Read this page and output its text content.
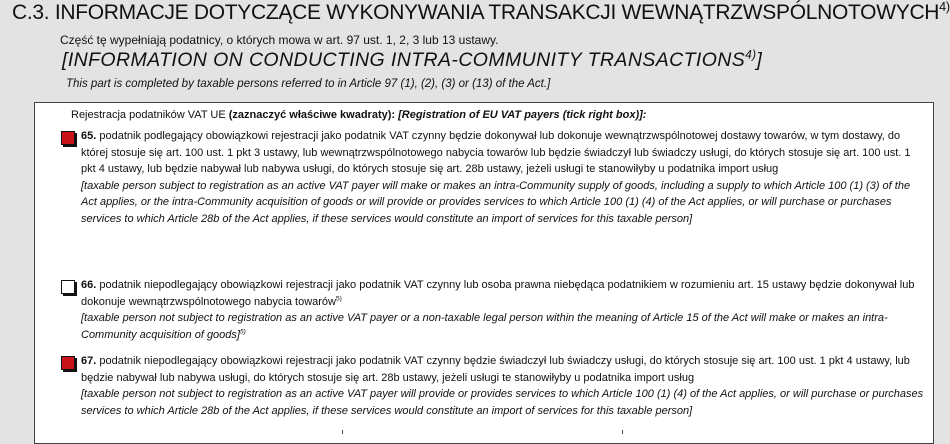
C.3. INFORMACJE DOTYCZĄCE WYKONYWANIA TRANSAKCJI WEWNĄTRZWSPÓLNOTOWYCH$^{4)}$
Część tę wypełniają podatnicy, o których mowa w art. 97 ust. 1, 2, 3 lub 13 ustawy.
[INFORMATION ON CONDUCTING INTRA-COMMUNITY TRANSACTIONS$^{4)}$]
This part is completed by taxable persons referred to in Article 97 (1), (2), (3) or (13) of the Act.]
Rejestracja podatników VAT UE (zaznaczyć właściwe kwadraty): [Registration of EU VAT payers (tick right box)]:
65. podatnik podlegający obowiązkowi rejestracji jako podatnik VAT czynny będzie dokonywał lub dokonuje wewnątrzwspólnotowej dostawy towarów, w tym dostawy, do której stosuje się art. 100 ust. 1 pkt 3 ustawy, lub wewnątrzwspólnotowego nabycia towarów lub będzie świadczył lub świadczy usługi, do których stosuje się art. 100 ust. 1 pkt 4 ustawy, lub będzie nabywał lub nabywa usługi, do których stosuje się art. 28b ustawy, jeżeli usługi te stanowiłyby u podatnika import usług
[taxable person subject to registration as an active VAT payer will make or makes an intra-Community supply of goods, including a supply to which Article 100 (1) (3) of the Act applies, or the intra-Community acquisition of goods or will provide or provides services to which Article 100 (1) (4) of the Act applies, or will purchase or purchases services to which Article 28b of the Act applies, if these services would constitute an import of services for this taxable person]
66. podatnik niepodlegający obowiązkowi rejestracji jako podatnik VAT czynny lub osoba prawna niebędąca podatnikiem w rozumieniu art. 15 ustawy będzie dokonywał lub dokonuje wewnątrzwspólnotowego nabycia towarów$^{5)}$
[taxable person not subject to registration as an active VAT payer or a non-taxable legal person within the meaning of Article 15 of the Act will make or makes an intra-Community acquisition of goods]$^{5)}$
67. podatnik niepodlegający obowiązkowi rejestracji jako podatnik VAT czynny będzie świadczył lub świadczy usługi, do których stosuje się art. 100 ust. 1 pkt 4 ustawy, lub będzie nabywał lub nabywa usługi, do których stosuje się art. 28b ustawy, jeżeli usługi te stanowiłyby u podatnika import usług
[taxable person not subject to registration as an active VAT payer will provide or provides services to which Article 100 (1) (4) of the Act applies, or will purchase or purchases services to which Article 28b of the Act applies, if these services would constitute an import of services for this taxable person]
